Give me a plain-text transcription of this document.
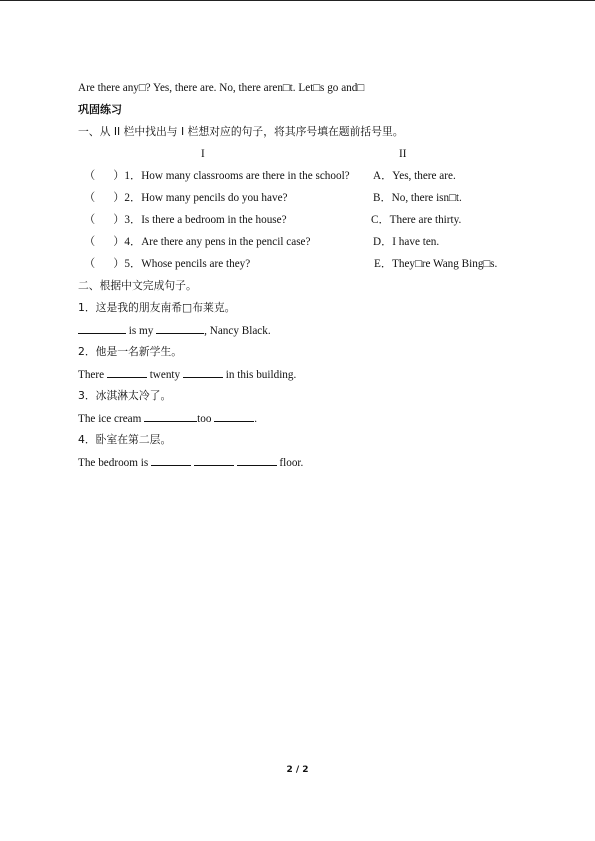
Are there any□? Yes, there are. No, there aren□t. Let□s go and□
巩固练习
一、从 II 栏中找出与 I 栏想对应的句子，将其序号填在题前括号里。
I	II
（ ）1．How many classrooms are there in the school? A．Yes, there are.
（ ）2．How many pencils do you have?	B．No, there isn□t.
（ ）3．Is there a bedroom in the house?	C．There are thirty.
（ ）4．Are there any pens in the pencil case?	D．I have ten.
（ ）5．Whose pencils are they?	E．They□re Wang Bing□s.
二、根据中文完成句子。
1．这是我的朋友南希□布莱克。
is my	, Nancy Black.
2．他是一名新学生。
There	twenty	in this building.
3．冰淇淋太冷了。
The ice cream	too	.
4．卧室在第二层。
The bedroom is	floor.
2 / 2
